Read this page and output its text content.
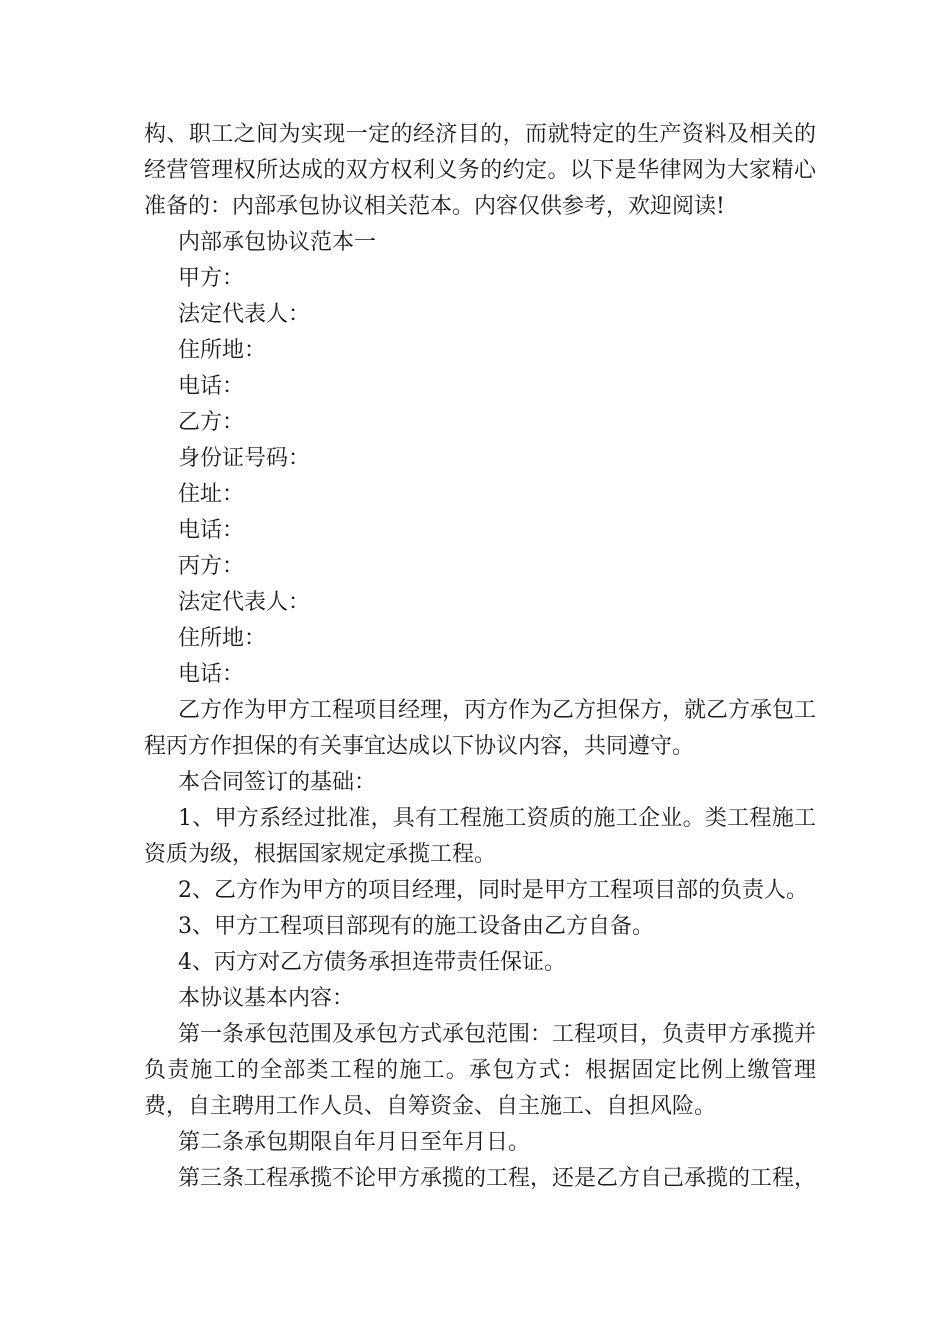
构、职工之间为实现一定的经济目的，而就特定的生产资料及相关的经营管理权所达成的双方权利义务的约定。以下是华律网为大家精心准备的：内部承包协议相关范本。内容仅供参考，欢迎阅读!

内部承包协议范本一

甲方：

法定代表人：

住所地：

电话：

乙方：

身份证号码：

住址：

电话：

丙方：

法定代表人：

住所地：

电话：

乙方作为甲方工程项目经理，丙方作为乙方担保方，就乙方承包工程丙方作担保的有关事宜达成以下协议内容，共同遵守。

本合同签订的基础：

1、甲方系经过批准，具有工程施工资质的施工企业。类工程施工资质为级，根据国家规定承揽工程。

2、乙方作为甲方的项目经理，同时是甲方工程项目部的负责人。

3、甲方工程项目部现有的施工设备由乙方自备。

4、丙方对乙方债务承担连带责任保证。

本协议基本内容：

第一条承包范围及承包方式承包范围：工程项目，负责甲方承揽并负责施工的全部类工程的施工。承包方式：根据固定比例上缴管理费，自主聘用工作人员、自筹资金、自主施工、自担风险。

第二条承包期限自年月日至年月日。

第三条工程承揽不论甲方承揽的工程，还是乙方自己承揽的工程，
